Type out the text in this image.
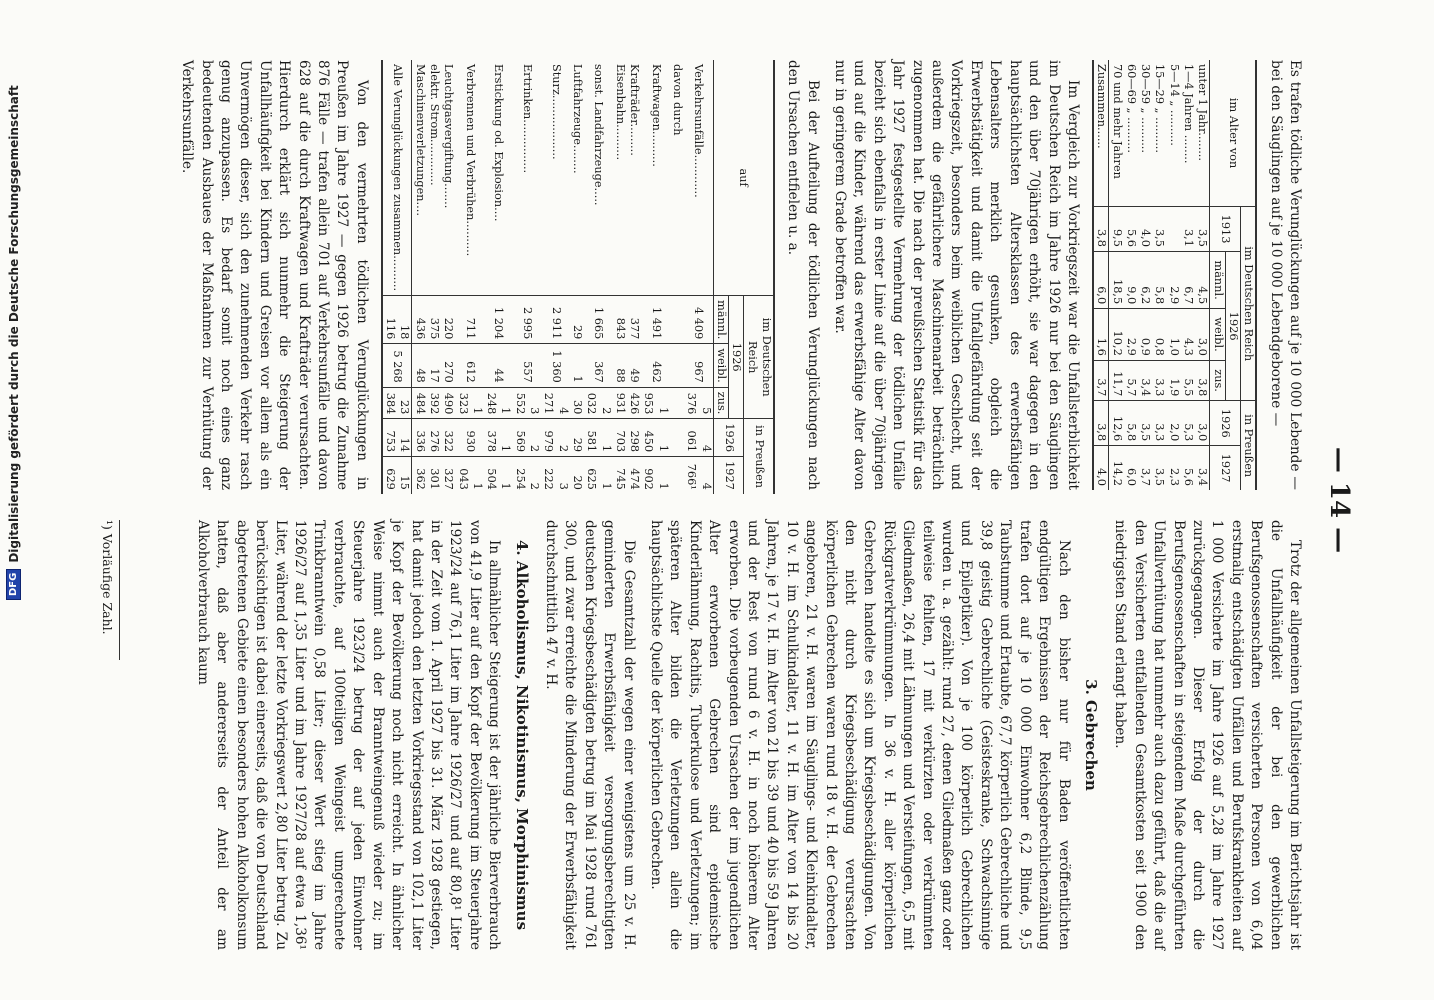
DFG
Digitalisierung gefördert durch die Deutsche Forschungsgemeinschaft	— 14 —

Es trafen tödliche Verunglückungen auf je 10 000 Lebende — bei den Säuglingen auf je 10 000 Lebendgeborene —

im Alter von	im Deutschen Reich				in Preußen	
	1913	1926			1926	1927
		männl.	weibl.	zus.		
unter 1 Jahr........	3,5	4,5	3,0	3,8	3,0	3,4
1—4 Jahren ........	3,1	6,7	4,3	5,5	5,3	5,6
5—14 „ ..........		2,9	1,0	1,9	2,0	2,3
15—29 „ ..........	3,5	5,8	0,8	3,3	3,3	3,5
30—59 „ ..........	4,0	6,2	0,9	3,4	3,5	3,7
60—69 „ ..........	5,6	9,0	2,9	5,7	5,8	6,0
70 und mehr Jahren	9,5	18,5	10,2	11,7	12,6	14,2
Zusammen......	3,8	6,0	1,6	3,7	3,8	4,0

Im Vergleich zur Vorkriegszeit war die Unfallsterblichkeit im Deutschen Reich im Jahre 1926 nur bei den Säuglingen und den über 70jährigen erhöht, sie war dagegen in den hauptsächlichsten Altersklassen des erwerbsfähigen Lebensalters merklich gesunken, obgleich die Erwerbstätigkeit und damit die Unfallgefährdung seit der Vorkriegszeit, besonders beim weiblichen Geschlecht, und außerdem die gefährlichere Maschinenarbeit beträchtlich zugenommen hat. Die nach der preußischen Statistik für das Jahr 1927 festgestellte Vermehrung der tödlichen Unfälle bezieht sich ebenfalls in erster Linie auf die über 70jährigen und auf die Kinder, während das erwerbsfähige Alter davon nur in geringerem Grade betroffen war.

Bei der Aufteilung der tödlichen Verunglückungen nach den Ursachen entfielen u. a.

auf	im Deutschen Reich			in Preußen	
	1926			1926	1927
	männl.	weibl.	zus.		
Verkehrsunfälle............	4 409	967	5 376	4 061	4 766¹
davon durch					
Kraftwagen..........	1 491	462	1 953	1 450	1 902
Krafträder.........	377	49	426	298	474
Eisenbahn..........	843	88	931	703	745
sonst. Landfahrzeuge.....	1 665	367	2 032	1 581	1 625
Luftfahrzeuge........	29	1	30	29	20
Sturz..................	2 911	1 360	4 271	2 979	3 222
Ertrinken...............	2 995	557	3 552	2 569	2 254
Erstickung od. Explosion....	1 204	44	1 248	1 378	1 504
Verbrennen und Verbrühen..........	711	612	1 323	930	1 043
Leuchtgasvergiftung.......	220	270	490	322	327
elektr. Strom.............	375	17	392	276	301
Maschinenverletzungen....	436	48	484	336	362
Alle Verunglückungen zusammen..........	18 116	5 268	23 384	14 753	15 629

Von den vermehrten tödlichen Verunglückungen in Preußen im Jahre 1927 — gegen 1926 betrug die Zunahme 876 Fälle — trafen allein 701 auf Verkehrsunfälle und davon 628 auf die durch Kraftwagen und Krafträder verursachten. Hierdurch erklärt sich nunmehr die Steigerung der Unfallhäufigkeit bei Kindern und Greisen vor allem als ein Unvermögen dieser, sich den zunehmenden Verkehr rasch genug anzupassen. Es bedarf somit noch eines ganz bedeutenden Ausbaues der Maßnahmen zur Verhütung der Verkehrsunfälle.

Trotz der allgemeinen Unfallsteigerung im Berichtsjahr ist die Unfallhäufigkeit der bei den gewerblichen Berufsgenossenschaften versicherten Personen von 6,04 erstmalig entschädigten Unfällen und Berufskrankheiten auf 1 000 Versicherte im Jahre 1926 auf 5,28 im Jahre 1927 zurückgegangen. Dieser Erfolg der durch die Berufsgenossenschaften in steigendem Maße durchgeführten Unfallverhütung hat nunmehr auch dazu geführt, daß die auf den Versicherten entfallenden Gesamtkosten seit 1900 den niedrigsten Stand erlangt haben.

3. Gebrechen

Nach den bisher nur für Baden veröffentlichten endgültigen Ergebnissen der Reichsgebrechlichenzählung trafen dort auf je 10 000 Einwohner 6,2 Blinde, 9,5 Taubstumme und Ertaubte, 67,7 körperlich Gebrechliche und 39,8 geistig Gebrechliche (Geisteskranke, Schwachsinnige und Epileptiker). Von je 100 körperlich Gebrechlichen wurden u. a. gezählt: rund 27, denen Gliedmaßen ganz oder teilweise fehlten, 17 mit verkürzten oder verkrümmten Gliedmaßen, 26,4 mit Lähmungen und Versteifungen, 6,5 mit Rückgratverkrümmungen. In 36 v. H. aller körperlichen Gebrechen handelte es sich um Kriegsbeschädigungen. Von den nicht durch Kriegsbeschädigung verursachten körperlichen Gebrechen waren rund 18 v. H. der Gebrechen angeboren, 21 v. H. waren im Säuglings- und Kleinkindalter, 10 v. H. im Schulkindalter, 11 v. H. im Alter von 14 bis 20 Jahren, je 17 v. H. im Alter von 21 bis 39 und 40 bis 59 Jahren und der Rest von rund 6 v. H. in noch höherem Alter erworben. Die vorbeugenden Ursachen der im jugendlichen Alter erworbenen Gebrechen sind epidemische Kinderlähmung, Rachitis, Tuberkulose und Verletzungen; im späteren Alter bilden die Verletzungen allein die hauptsächlichste Quelle der körperlichen Gebrechen.

Die Gesamtzahl der wegen einer wenigstens um 25 v. H. geminderten Erwerbsfähigkeit versorgungsberechtigten deutschen Kriegsbeschädigten betrug im Mai 1928 rund 761 300, und zwar erreichte die Minderung der Erwerbsfähigkeit durchschnittlich 47 v. H.

4. Alkoholismus, Nikotinismus, Morphinismus

In allmählicher Steigerung ist der jährliche Bierverbrauch von 41,9 Liter auf den Kopf der Bevölkerung im Steuerjahre 1923/24 auf 76,1 Liter im Jahre 1926/27 und auf 80,8¹ Liter in der Zeit vom 1. April 1927 bis 31. März 1928 gestiegen, hat damit jedoch den letzten Vorkriegsstand von 102,1 Liter je Kopf der Bevölkerung noch nicht erreicht. In ähnlicher Weise nimmt auch der Branntweingenuß wieder zu; im Steuerjahre 1923/24 betrug der auf jeden Einwohner verbrauchte, auf 100teiligen Weingeist umgerechnete Trinkbranntwein 0,58 Liter; dieser Wert stieg im Jahre 1926/27 auf 1,35 Liter und im Jahre 1927/28 auf etwa 1,36¹ Liter, während der letzte Vorkriegswert 2,80 Liter betrug. Zu berücksichtigen ist dabei einerseits, daß die von Deutschland abgetretenen Gebiete einen besonders hohen Alkoholkonsum hatten, daß aber andererseits der Anteil der am Alkoholverbrauch kaum

¹) Vorläufige Zahl.
